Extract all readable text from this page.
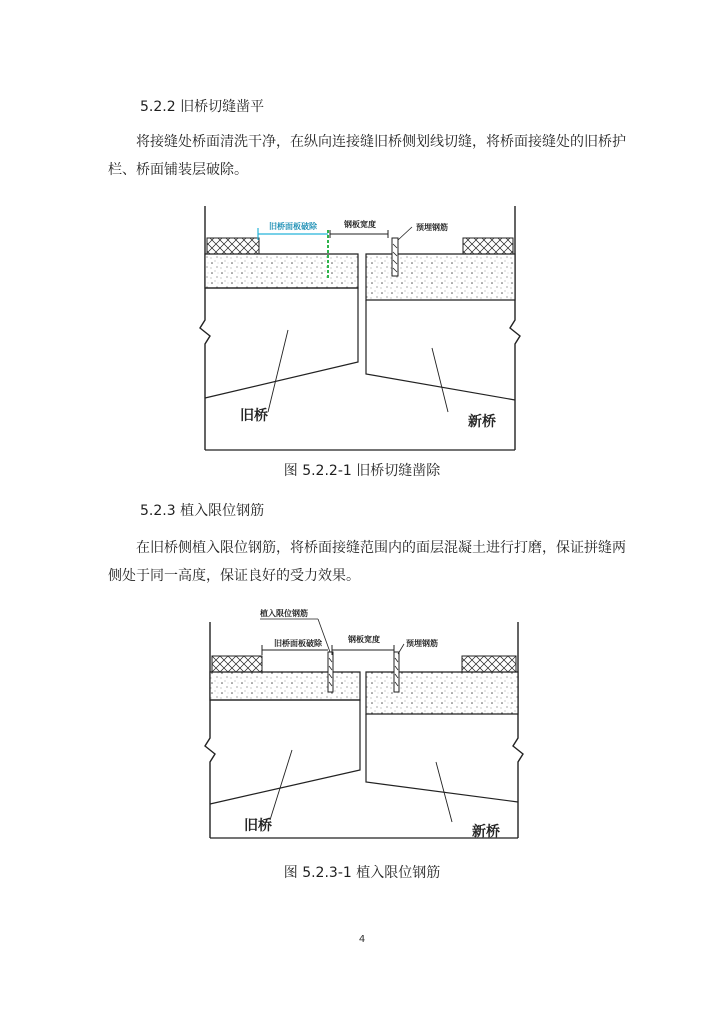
5.2.2 旧桥切缝凿平
将接缝处桥面清洗干净，在纵向连接缝旧桥侧划线切缝，将桥面接缝处的旧桥护栏、桥面铺装层破除。
旧桥面板破除	钢板宽度	预埋钢筋
旧桥	新桥
图 5.2.2-1 旧桥切缝凿除
5.2.3 植入限位钢筋
在旧桥侧植入限位钢筋，将桥面接缝范围内的面层混凝土进行打磨，保证拼缝两侧处于同一高度，保证良好的受力效果。
植入限位钢筋
旧桥面板破除	钢板宽度	预埋钢筋
旧桥	新桥
图 5.2.3-1 植入限位钢筋
4
